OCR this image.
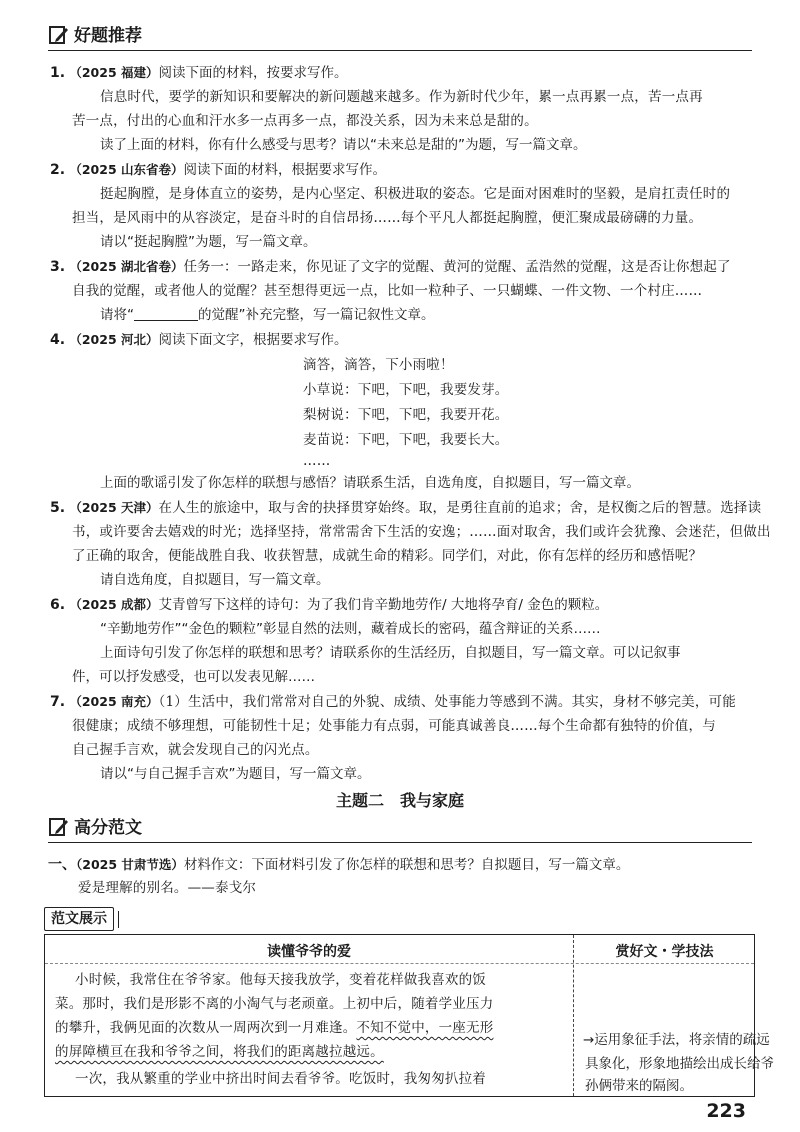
好题推荐
1. （2025 福建）阅读下面的材料，按要求写作。
信息时代，要学的新知识和要解决的新问题越来越多。作为新时代少年，累一点再累一点，苦一点再
苦一点，付出的心血和汗水多一点再多一点，都没关系，因为未来总是甜的。
读了上面的材料，你有什么感受与思考？请以“未来总是甜的”为题，写一篇文章。
2. （2025 山东省卷）阅读下面的材料，根据要求写作。
挺起胸膛，是身体直立的姿势，是内心坚定、积极进取的姿态。它是面对困难时的坚毅，是肩扛责任时的
担当，是风雨中的从容淡定，是奋斗时的自信昂扬……每个平凡人都挺起胸膛，便汇聚成最磅礴的力量。
请以“挺起胸膛”为题，写一篇文章。
3. （2025 湖北省卷）任务一：一路走来，你见证了文字的觉醒、黄河的觉醒、孟浩然的觉醒，这是否让你想起了
自我的觉醒，或者他人的觉醒？甚至想得更远一点，比如一粒种子、一只蝴蝶、一件文物、一个村庄……
请将“	的觉醒”补充完整，写一篇记叙性文章。
4. （2025 河北）阅读下面文字，根据要求写作。
滴答，滴答，下小雨啦！
小草说：下吧，下吧，我要发芽。
梨树说：下吧，下吧，我要开花。
麦苗说：下吧，下吧，我要长大。
……
上面的歌谣引发了你怎样的联想与感悟？请联系生活，自选角度，自拟题目，写一篇文章。
5. （2025 天津）在人生的旅途中，取与舍的抉择贯穿始终。取，是勇往直前的追求；舍，是权衡之后的智慧。选择读
书，或许要舍去嬉戏的时光；选择坚持，常常需舍下生活的安逸；……面对取舍，我们或许会犹豫、会迷茫，但做出
了正确的取舍，便能战胜自我、收获智慧，成就生命的精彩。同学们，对此，你有怎样的经历和感悟呢？
请自选角度，自拟题目，写一篇文章。
6. （2025 成都）艾青曾写下这样的诗句：为了我们肯辛勤地劳作/ 大地将孕育/ 金色的颗粒。
“辛勤地劳作”“金色的颗粒”彰显自然的法则，藏着成长的密码，蕴含辩证的关系……
上面诗句引发了你怎样的联想和思考？请联系你的生活经历，自拟题目，写一篇文章。可以记叙事
件，可以抒发感受，也可以发表见解……
7. （2025 南充）（1）生活中，我们常常对自己的外貌、成绩、处事能力等感到不满。其实，身材不够完美，可能
很健康；成绩不够理想，可能韧性十足；处事能力有点弱，可能真诚善良……每个生命都有独特的价值，与
自己握手言欢，就会发现自己的闪光点。
请以“与自己握手言欢”为题目，写一篇文章。
主题二　我与家庭
高分范文
一、（2025 甘肃节选）材料作文：下面材料引发了你怎样的联想和思考？自拟题目，写一篇文章。
爱是理解的别名。——泰戈尔
范文展示
读懂爷爷的爱	赏好文・学技法
小时候，我常住在爷爷家。他每天接我放学，变着花样做我喜欢的饭
菜。那时，我们是形影不离的小淘气与老顽童。上初中后，随着学业压力
的攀升，我俩见面的次数从一周两次到一月难逢。不知不觉中，一座无形
的屏障横亘在我和爷爷之间，将我们的距离越拉越远。
一次，我从繁重的学业中挤出时间去看爷爷。吃饭时，我匆匆扒拉着
→运用象征手法，将亲情的疏远
具象化，形象地描绘出成长给爷
孙俩带来的隔阂。
223
